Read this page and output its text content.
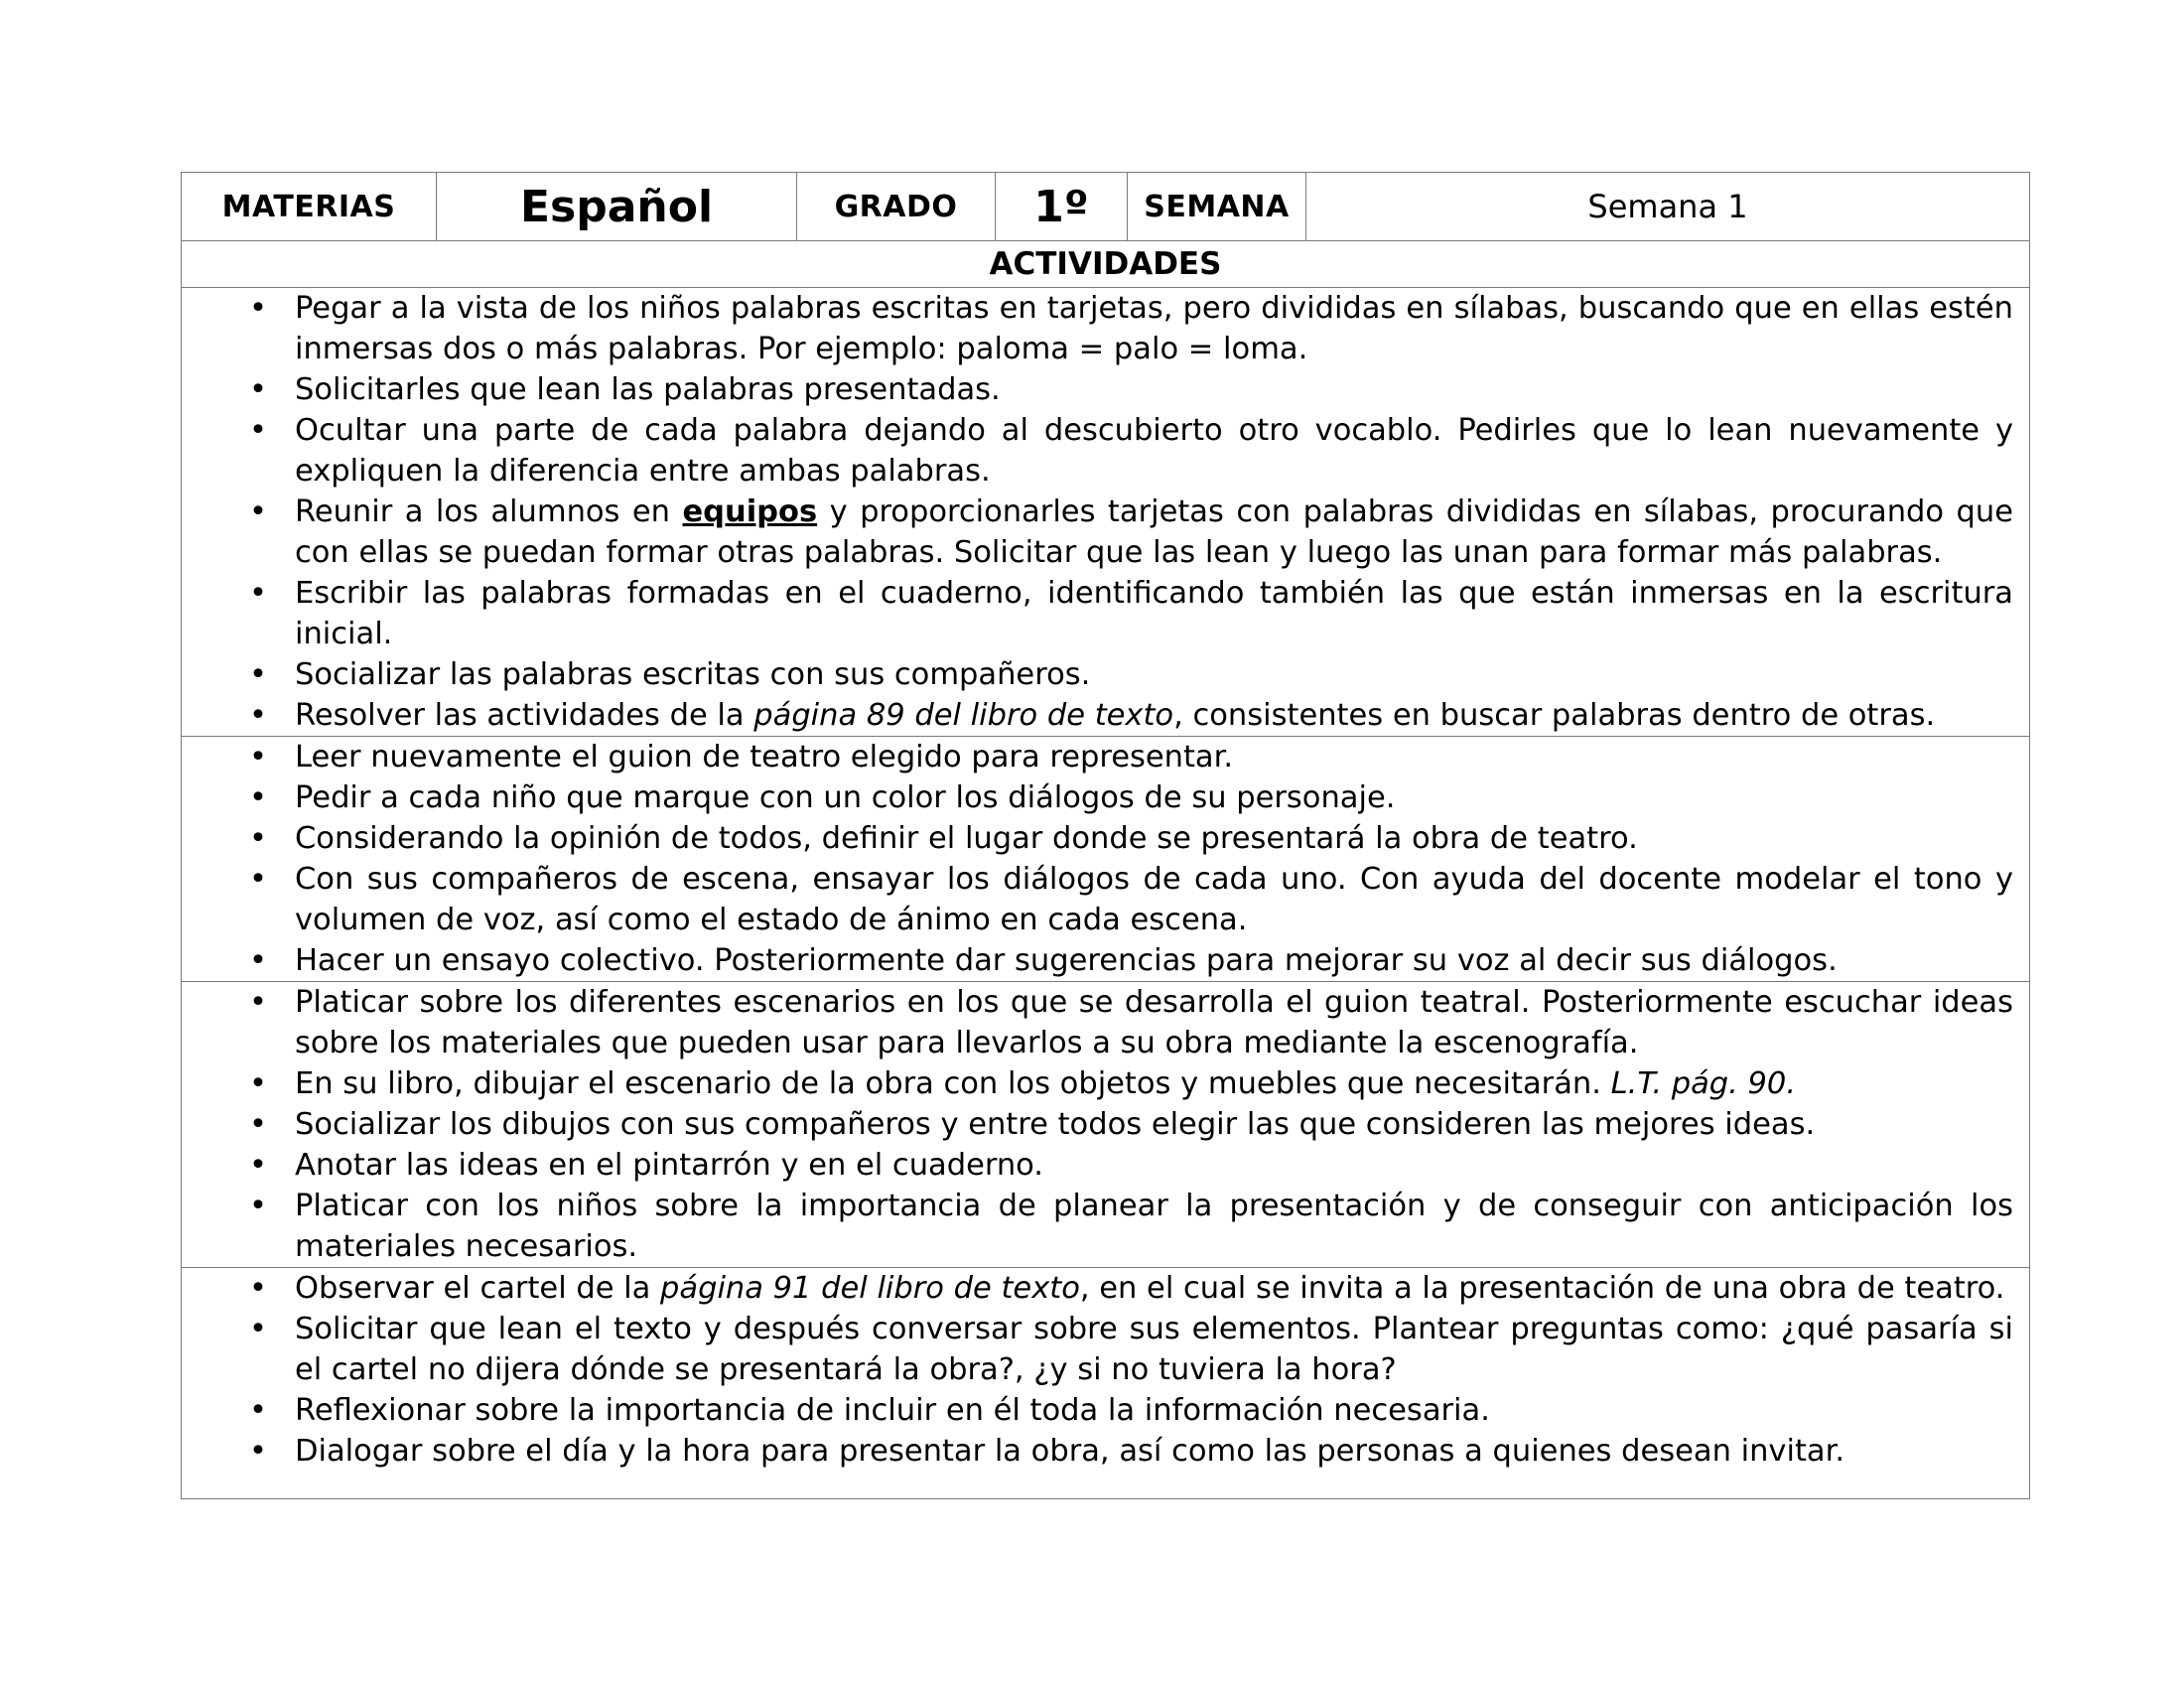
MATERIAS	Español	GRADO	1º	SEMANA	Semana 1
ACTIVIDADES

• Pegar a la vista de los niños palabras escritas en tarjetas, pero divididas en sílabas, buscando que en ellas estén inmersas dos o más palabras. Por ejemplo: paloma = palo = loma.
• Solicitarles que lean las palabras presentadas.
• Ocultar una parte de cada palabra dejando al descubierto otro vocablo. Pedirles que lo lean nuevamente y expliquen la diferencia entre ambas palabras.
• Reunir a los alumnos en equipos y proporcionarles tarjetas con palabras divididas en sílabas, procurando que con ellas se puedan formar otras palabras. Solicitar que las lean y luego las unan para formar más palabras.
• Escribir las palabras formadas en el cuaderno, identificando también las que están inmersas en la escritura inicial.
• Socializar las palabras escritas con sus compañeros.
• Resolver las actividades de la página 89 del libro de texto, consistentes en buscar palabras dentro de otras.

• Leer nuevamente el guion de teatro elegido para representar.
• Pedir a cada niño que marque con un color los diálogos de su personaje.
• Considerando la opinión de todos, definir el lugar donde se presentará la obra de teatro.
• Con sus compañeros de escena, ensayar los diálogos de cada uno. Con ayuda del docente modelar el tono y volumen de voz, así como el estado de ánimo en cada escena.
• Hacer un ensayo colectivo. Posteriormente dar sugerencias para mejorar su voz al decir sus diálogos.

• Platicar sobre los diferentes escenarios en los que se desarrolla el guion teatral. Posteriormente escuchar ideas sobre los materiales que pueden usar para llevarlos a su obra mediante la escenografía.
• En su libro, dibujar el escenario de la obra con los objetos y muebles que necesitarán. L.T. pág. 90.
• Socializar los dibujos con sus compañeros y entre todos elegir las que consideren las mejores ideas.
• Anotar las ideas en el pintarrón y en el cuaderno.
• Platicar con los niños sobre la importancia de planear la presentación y de conseguir con anticipación los materiales necesarios.

• Observar el cartel de la página 91 del libro de texto, en el cual se invita a la presentación de una obra de teatro.
• Solicitar que lean el texto y después conversar sobre sus elementos. Plantear preguntas como: ¿qué pasaría si el cartel no dijera dónde se presentará la obra?, ¿y si no tuviera la hora?
• Reflexionar sobre la importancia de incluir en él toda la información necesaria.
• Dialogar sobre el día y la hora para presentar la obra, así como las personas a quienes desean invitar.
